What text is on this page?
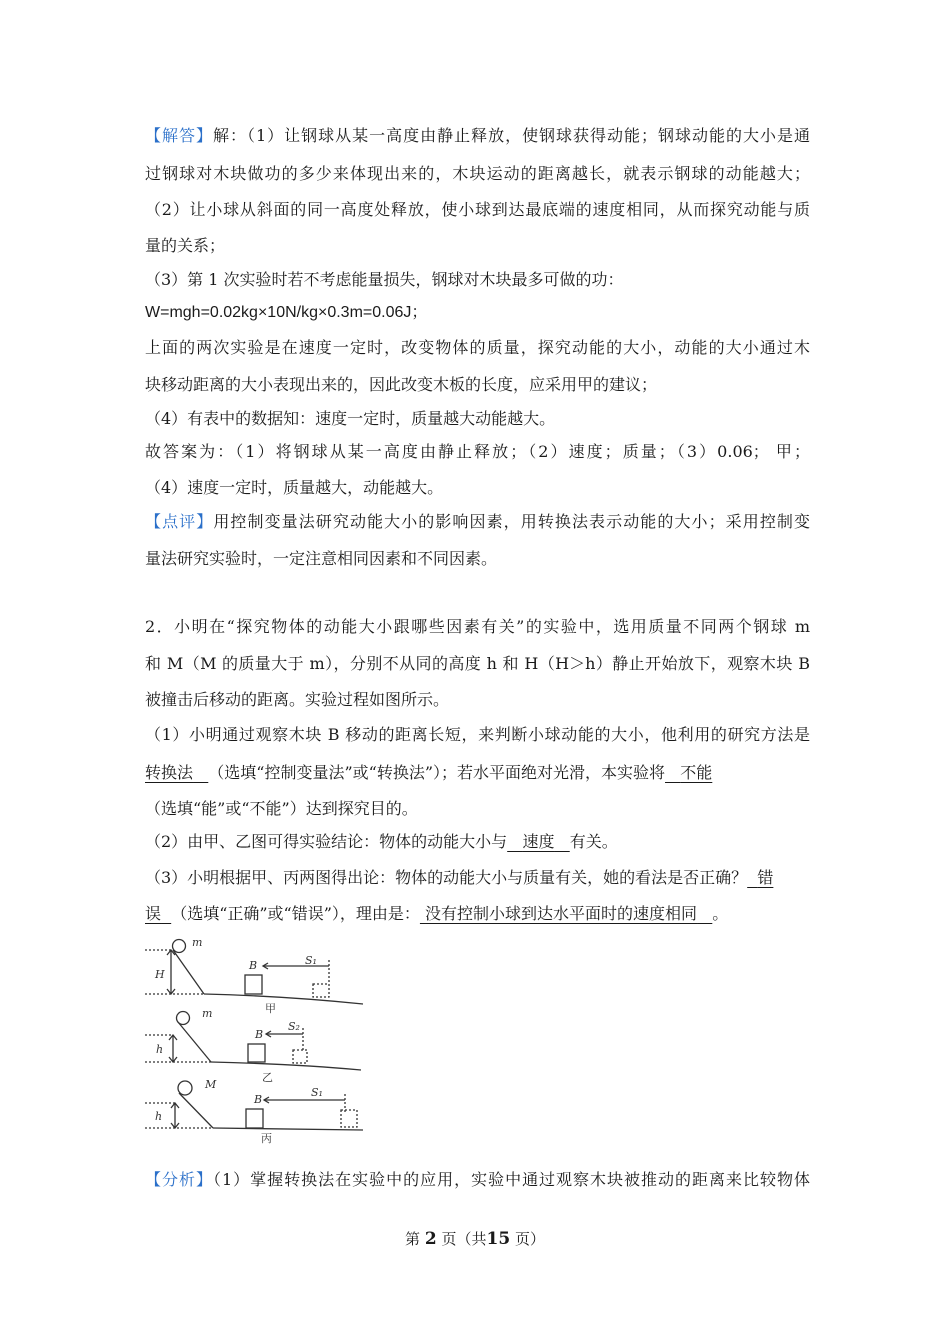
【解答】解：（1）让钢球从某一高度由静止释放，使钢球获得动能；钢球动能的大小是通
过钢球对木块做功的多少来体现出来的，木块运动的距离越长，就表示钢球的动能越大；
（2）让小球从斜面的同一高度处释放，使小球到达最底端的速度相同，从而探究动能与质
量的关系；
（3）第 1 次实验时若不考虑能量损失，钢球对木块最多可做的功：
W=mgh=0.02kg×10N/kg×0.3m=0.06J；
上面的两次实验是在速度一定时，改变物体的质量，探究动能的大小，动能的大小通过木
块移动距离的大小表现出来的，因此改变木板的长度，应采用甲的建议；
（4）有表中的数据知：速度一定时，质量越大动能越大。
故答案为：（1）将钢球从某一高度由静止释放；（2）速度；质量；（3）0.06； 甲；
（4）速度一定时，质量越大，动能越大。
【点评】用控制变量法研究动能大小的影响因素，用转换法表示动能的大小；采用控制变
量法研究实验时，一定注意相同因素和不同因素。
2．小明在“探究物体的动能大小跟哪些因素有关”的实验中，选用质量不同两个钢球 m
和 M（M 的质量大于 m），分别不从同的高度 h 和 H（H＞h）静止开始放下，观察木块 B
被撞击后移动的距离。实验过程如图所示。
（1）小明通过观察木块 B 移动的距离长短，来判断小球动能的大小，他利用的研究方法是
转换法 （选填“控制变量法”或“转换法”）；若水平面绝对光滑，本实验将 不能
（选填“能”或“不能”）达到探究目的。
（2）由甲、乙图可得实验结论：物体的动能大小与 速度 有关。
（3）小明根据甲、丙两图得出论：物体的动能大小与质量有关，她的看法是否正确？ 错
误 （选填“正确”或“错误”），理由是： 没有控制小球到达水平面时的速度相同 。
m
H
B	S₁
甲
m
h
B
S₂
乙
M
h
B
S₁
丙
【分析】（1）掌握转换法在实验中的应用，实验中通过观察木块被推动的距离来比较物体
第 2 页（共15 页）
